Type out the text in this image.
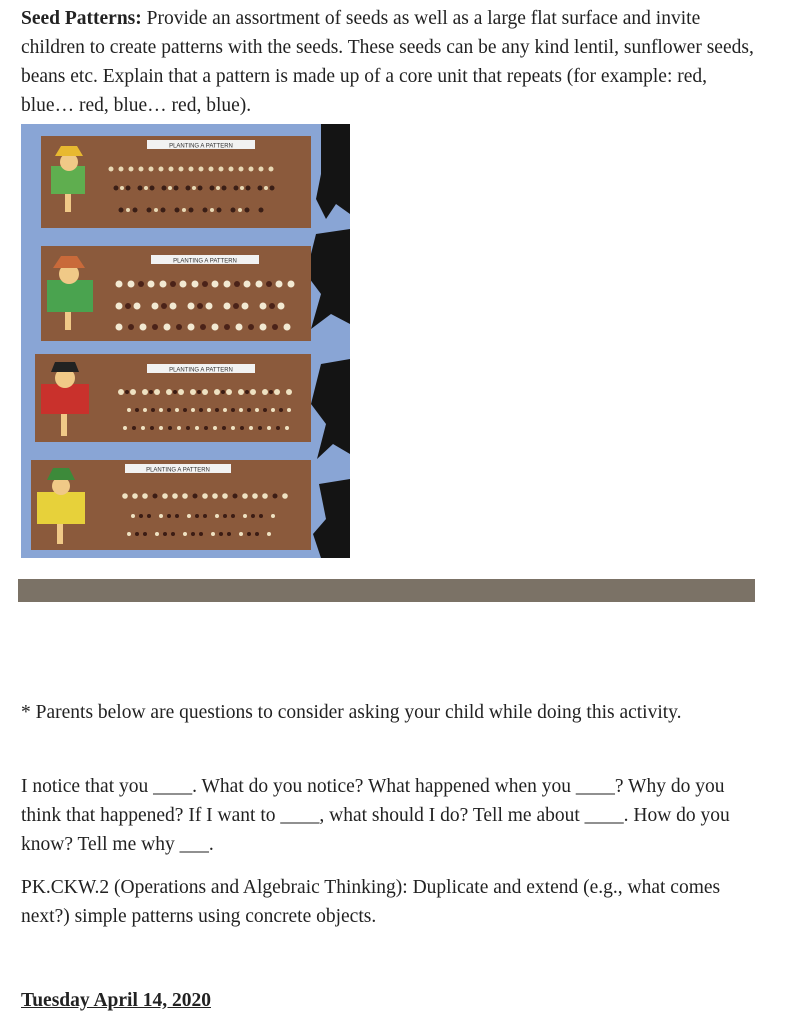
Seed Patterns: Provide an assortment of seeds as well as a large flat surface and invite children to create patterns with the seeds. These seeds can be any kind lentil, sunflower seeds, beans etc. Explain that a pattern is made up of a core unit that repeats (for example: red, blue… red, blue… red, blue).

PLANTING A PATTERN
PLANTING A PATTERN
PLANTING A PATTERN
PLANTING A PATTERN

* Parents below are questions to consider asking your child while doing this activity.

I notice that you ____. What do you notice? What happened when you ____? Why do you think that happened? If I want to ____, what should I do? Tell me about ____. How do you know? Tell me why ___.

PK.CKW.2 (Operations and Algebraic Thinking): Duplicate and extend (e.g., what comes next?) simple patterns using concrete objects.

Tuesday April 14, 2020
